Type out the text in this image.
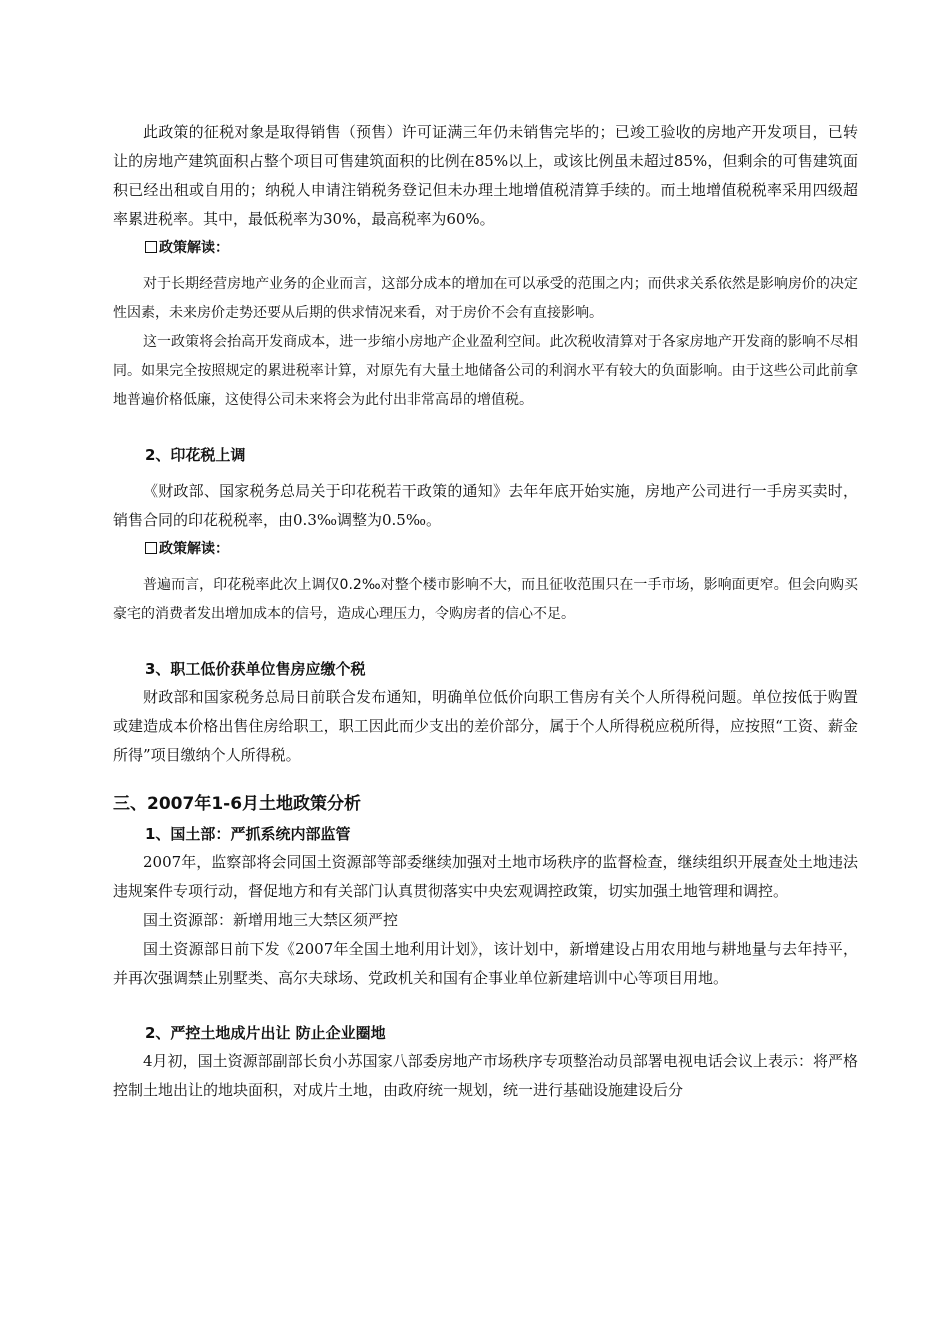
此政策的征税对象是取得销售（预售）许可证满三年仍未销售完毕的；已竣工验收的房地产开发项目，已转让的房地产建筑面积占整个项目可售建筑面积的比例在85%以上，或该比例虽未超过85%，但剩余的可售建筑面积已经出租或自用的；纳税人申请注销税务登记但未办理土地增值税清算手续的。而土地增值税税率采用四级超率累进税率。其中，最低税率为30%，最高税率为60%。

政策解读：

对于长期经营房地产业务的企业而言，这部分成本的增加在可以承受的范围之内；而供求关系依然是影响房价的决定性因素，未来房价走势还要从后期的供求情况来看，对于房价不会有直接影响。

这一政策将会抬高开发商成本，进一步缩小房地产企业盈利空间。此次税收清算对于各家房地产开发商的影响不尽相同。如果完全按照规定的累进税率计算，对原先有大量土地储备公司的利润水平有较大的负面影响。由于这些公司此前拿地普遍价格低廉，这使得公司未来将会为此付出非常高昂的增值税。

2、印花税上调

《财政部、国家税务总局关于印花税若干政策的通知》去年年底开始实施，房地产公司进行一手房买卖时，销售合同的印花税税率，由0.3‰调整为0.5‰。

政策解读：

普遍而言，印花税率此次上调仅0.2‰对整个楼市影响不大，而且征收范围只在一手市场，影响面更窄。但会向购买豪宅的消费者发出增加成本的信号，造成心理压力，令购房者的信心不足。

3、职工低价获单位售房应缴个税

财政部和国家税务总局日前联合发布通知，明确单位低价向职工售房有关个人所得税问题。单位按低于购置或建造成本价格出售住房给职工，职工因此而少支出的差价部分，属于个人所得税应税所得，应按照“工资、薪金所得”项目缴纳个人所得税。

三、2007年1-6月土地政策分析

1、国土部：严抓系统内部监管

2007年，监察部将会同国土资源部等部委继续加强对土地市场秩序的监督检查，继续组织开展查处土地违法违规案件专项行动，督促地方和有关部门认真贯彻落实中央宏观调控政策，切实加强土地管理和调控。

国土资源部：新增用地三大禁区须严控

国土资源部日前下发《2007年全国土地利用计划》，该计划中，新增建设占用农用地与耕地量与去年持平，并再次强调禁止别墅类、高尔夫球场、党政机关和国有企事业单位新建培训中心等项目用地。

2、严控土地成片出让 防止企业圈地

4月初，国土资源部副部长贠小苏国家八部委房地产市场秩序专项整治动员部署电视电话会议上表示：将严格控制土地出让的地块面积，对成片土地，由政府统一规划，统一进行基础设施建设后分
